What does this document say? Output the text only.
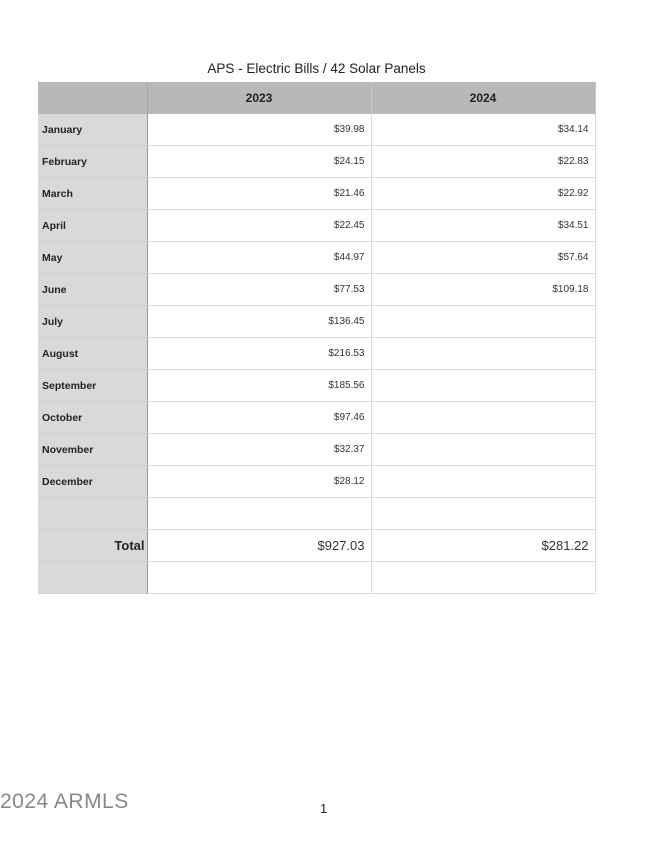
APS - Electric Bills / 42 Solar Panels
	2023	2024
January	$39.98	$34.14
February	$24.15	$22.83
March	$21.46	$22.92
April	$22.45	$34.51
May	$44.97	$57.64
June	$77.53	$109.18
July	$136.45	
August	$216.53	
September	$185.56	
October	$97.46	
November	$32.37	
December	$28.12	

Total	$927.03	$281.22

2024 ARMLS	1
